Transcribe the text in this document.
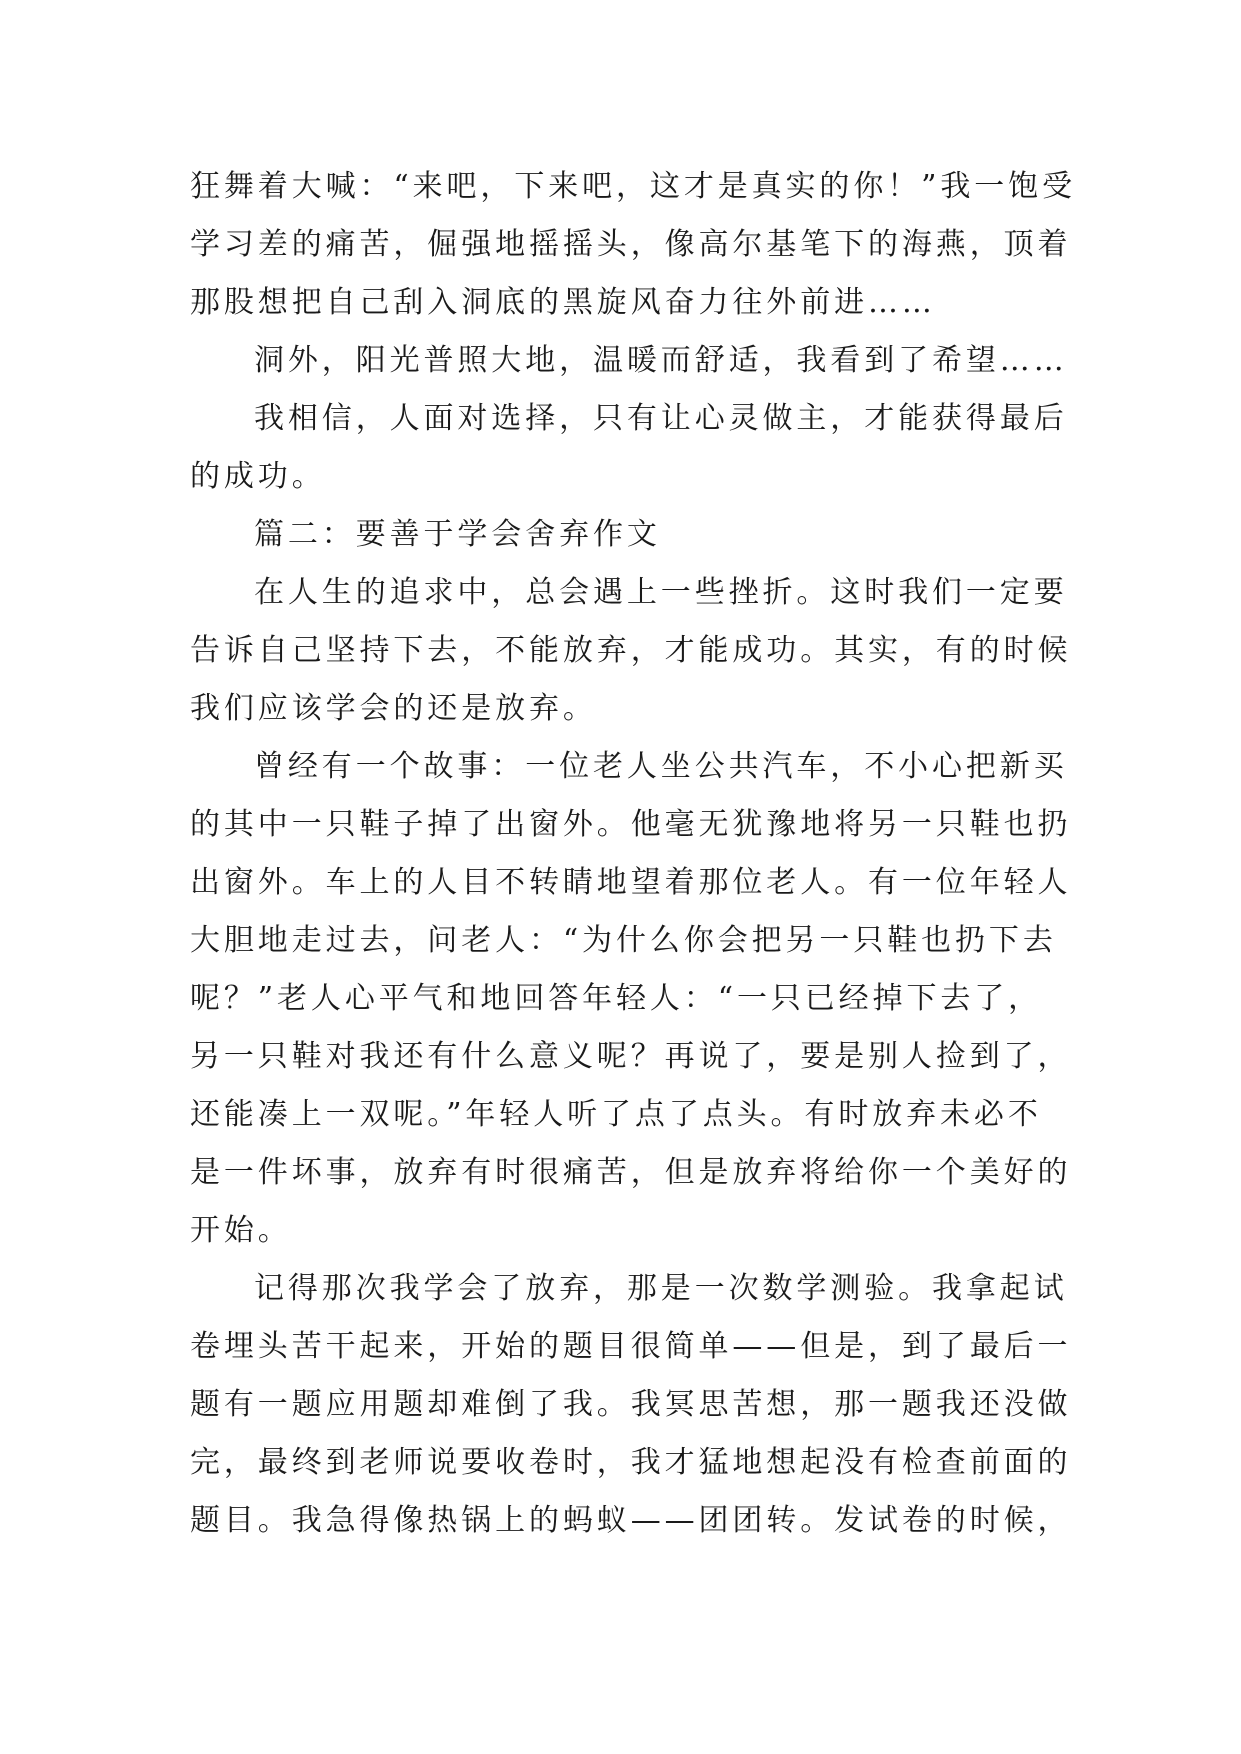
狂舞着大喊：“来吧，下来吧，这才是真实的你！”我一饱受
学习差的痛苦，倔强地摇摇头，像高尔基笔下的海燕，顶着
那股想把自己刮入洞底的黑旋风奋力往外前进……
洞外，阳光普照大地，温暖而舒适，我看到了希望……
我相信，人面对选择，只有让心灵做主，才能获得最后
的成功。
篇二：要善于学会舍弃作文
在人生的追求中，总会遇上一些挫折。这时我们一定要
告诉自己坚持下去，不能放弃，才能成功。其实，有的时候
我们应该学会的还是放弃。
曾经有一个故事：一位老人坐公共汽车，不小心把新买
的其中一只鞋子掉了出窗外。他毫无犹豫地将另一只鞋也扔
出窗外。车上的人目不转睛地望着那位老人。有一位年轻人
大胆地走过去，问老人：“为什么你会把另一只鞋也扔下去
呢？”老人心平气和地回答年轻人：“一只已经掉下去了，
另一只鞋对我还有什么意义呢？再说了，要是别人捡到了，
还能凑上一双呢。”年轻人听了点了点头。有时放弃未必不
是一件坏事，放弃有时很痛苦，但是放弃将给你一个美好的
开始。
记得那次我学会了放弃，那是一次数学测验。我拿起试
卷埋头苦干起来，开始的题目很简单——但是，到了最后一
题有一题应用题却难倒了我。我冥思苦想，那一题我还没做
完，最终到老师说要收卷时，我才猛地想起没有检查前面的
题目。我急得像热锅上的蚂蚁——团团转。发试卷的时候，
